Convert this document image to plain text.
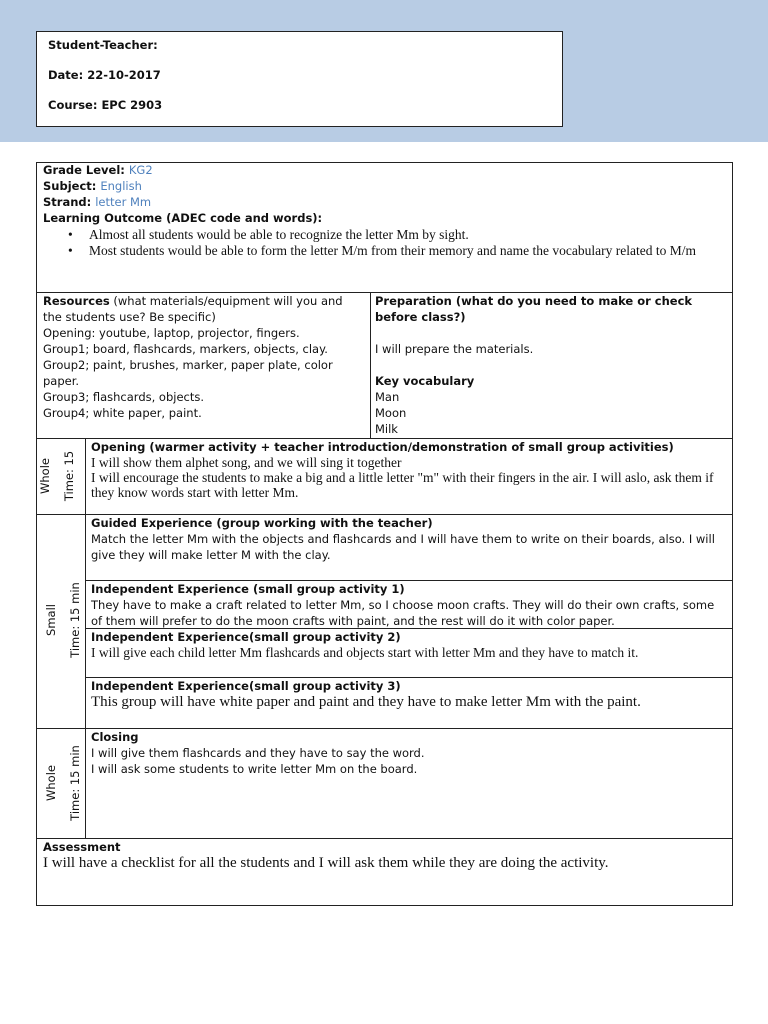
Student-Teacher:
Date: 22-10-2017
Course: EPC 2903
Grade Level: KG2
Subject: English
Strand: letter Mm
Learning Outcome (ADEC code and words):
• Almost all students would be able to recognize the letter Mm by sight.
• Most students would be able to form the letter M/m from their memory and name the vocabulary related to M/m
Resources (what materials/equipment will you and the students use? Be specific)
Opening: youtube, laptop, projector, fingers.
Group1; board, flashcards, markers, objects, clay.
Group2; paint, brushes, marker, paper plate, color paper.
Group3; flashcards, objects.
Group4; white paper, paint.
Preparation (what do you need to make or check before class?)
I will prepare the materials.
Key vocabulary
Man
Moon
Milk
Whole Time: 15
Opening (warmer activity + teacher introduction/demonstration of small group activities)
I will show them alphet song, and we will sing it together
I will encourage the students to make a big and a little letter "m" with their fingers in the air. I will aslo, ask them if they know words start with letter Mm.
Small Time: 15 min
Guided Experience (group working with the teacher)
Match the letter Mm with the objects and flashcards and I will have them to write on their boards, also. I will give they will make letter M with the clay.
Independent Experience (small group activity 1)
They have to make a craft related to letter Mm, so I choose moon crafts. They will do their own crafts, some of them will prefer to do the moon crafts with paint, and the rest will do it with color paper.
Independent Experience(small group activity 2)
I will give each child letter Mm flashcards and objects start with letter Mm and they have to match it.
Independent Experience(small group activity 3)
This group will have white paper and paint and they have to make letter Mm with the paint.
Whole Time: 15 min
Closing
I will give them flashcards and they have to say the word.
I will ask some students to write letter Mm on the board.
Assessment
I will have a checklist for all the students and I will ask them while they are doing the activity.
